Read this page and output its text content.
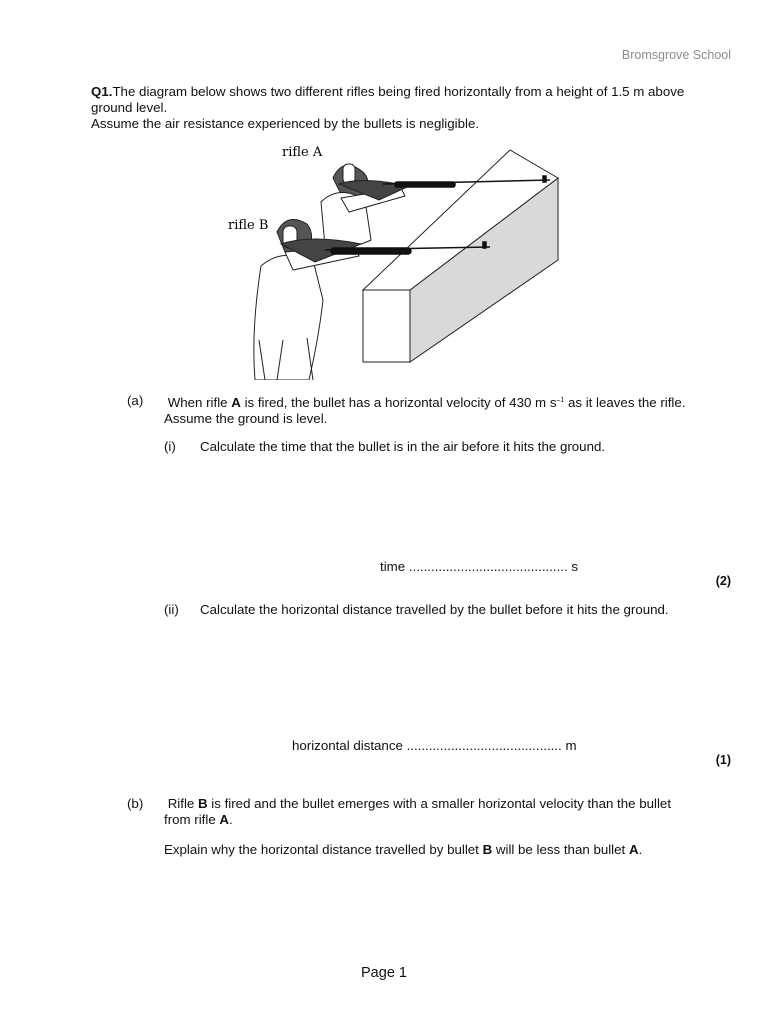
Bromsgrove School

Q1.The diagram below shows two different rifles being fired horizontally from a height of 1.5 m above ground level.

Assume the air resistance experienced by the bullets is negligible.

rifle A
rifle B
(a) When rifle A is fired, the bullet has a horizontal velocity of 430 m $s^{-1}$ as it leaves the rifle. Assume the ground is level.

(i) Calculate the time that the bullet is in the air before it hits the ground.
time ........................................... s
(2)
(ii) Calculate the horizontal distance travelled by the bullet before it hits the ground.
horizontal distance .......................................... m
(1)
(b) Rifle B is fired and the bullet emerges with a smaller horizontal velocity than the bullet from rifle A.

Explain why the horizontal distance travelled by bullet B will be less than bullet A.

Page 1
